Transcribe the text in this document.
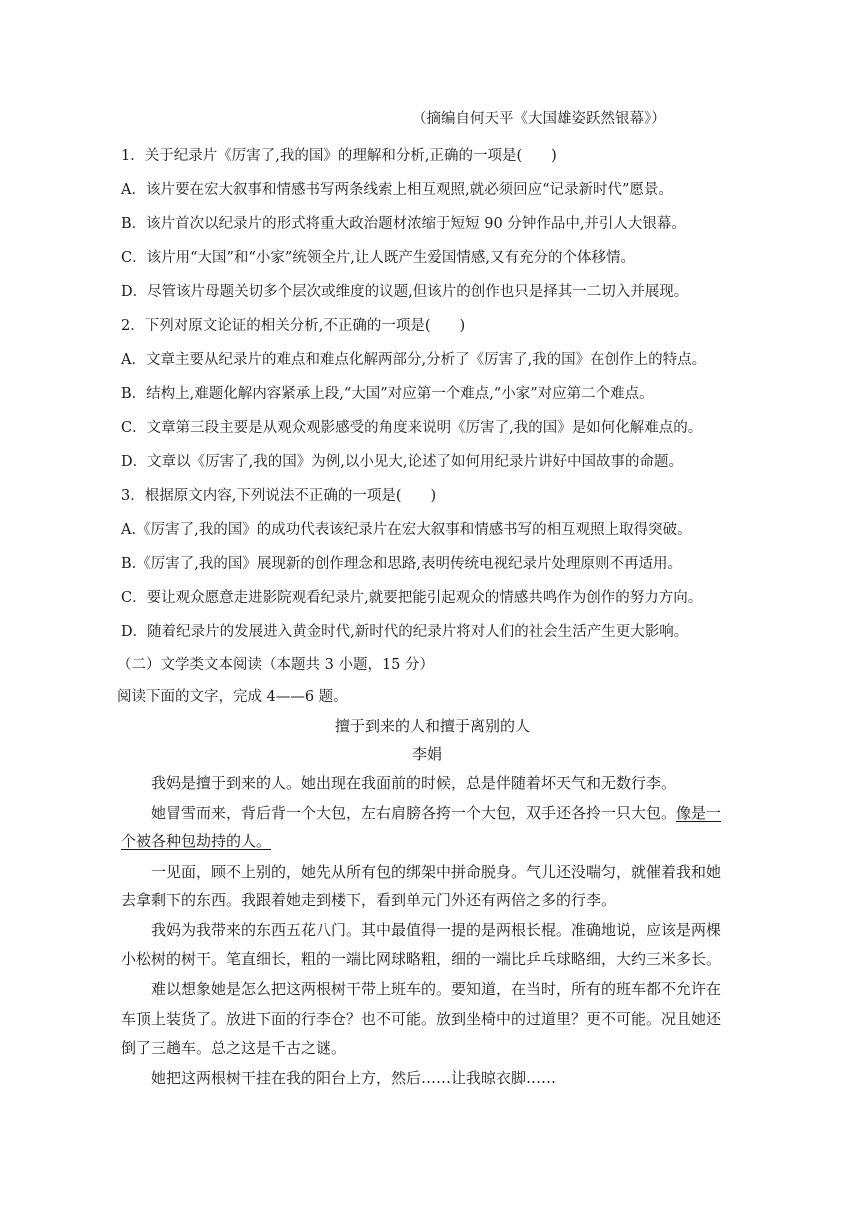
（摘编自何天平《大国雄姿跃然银幕》）
1．关于纪录片《厉害了,我的国》的理解和分析,正确的一项是(　　)
A．该片要在宏大叙事和情感书写两条线索上相互观照,就必须回应“记录新时代”愿景。
B．该片首次以纪录片的形式将重大政治题材浓缩于短短 90 分钟作品中,并引人大银幕。
C．该片用“大国”和“小家”统领全片,让人既产生爱国情感,又有充分的个体移情。
D．尽管该片母题关切多个层次或维度的议题,但该片的创作也只是择其一二切入并展现。
2．下列对原文论证的相关分析,不正确的一项是(　　)
A．文章主要从纪录片的难点和难点化解两部分,分析了《厉害了,我的国》在创作上的特点。
B．结构上,难题化解内容紧承上段,“大国”对应第一个难点,“小家”对应第二个难点。
C．文章第三段主要是从观众观影感受的角度来说明《厉害了,我的国》是如何化解难点的。
D．文章以《厉害了,我的国》为例,以小见大,论述了如何用纪录片讲好中国故事的命题。
3．根据原文内容,下列说法不正确的一项是(　　)
A.《厉害了,我的国》的成功代表该纪录片在宏大叙事和情感书写的相互观照上取得突破。
B.《厉害了,我的国》展现新的创作理念和思路,表明传统电视纪录片处理原则不再适用。
C．要让观众愿意走进影院观看纪录片,就要把能引起观众的情感共鸣作为创作的努力方向。
D．随着纪录片的发展进入黄金时代,新时代的纪录片将对人们的社会生活产生更大影响。
（二）文学类文本阅读（本题共 3 小题，15 分）
阅读下面的文字，完成 4——6 题。
擅于到来的人和擅于离别的人
李娟
我妈是擅于到来的人。她出现在我面前的时候，总是伴随着坏天气和无数行李。
她冒雪而来，背后背一个大包，左右肩膀各挎一个大包，双手还各拎一只大包。像是一
个被各种包劫持的人。
一见面，顾不上别的，她先从所有包的绑架中拼命脱身。气儿还没喘匀，就催着我和她
去拿剩下的东西。我跟着她走到楼下，看到单元门外还有两倍之多的行李。
我妈为我带来的东西五花八门。其中最值得一提的是两根长棍。准确地说，应该是两棵
小松树的树干。笔直细长，粗的一端比网球略粗，细的一端比乒乓球略细，大约三米多长。
难以想象她是怎么把这两根树干带上班车的。要知道，在当时，所有的班车都不允许在
车顶上装货了。放进下面的行李仓？也不可能。放到坐椅中的过道里？更不可能。况且她还
倒了三趟车。总之这是千古之谜。
她把这两根树干挂在我的阳台上方，然后……让我晾衣脚……
